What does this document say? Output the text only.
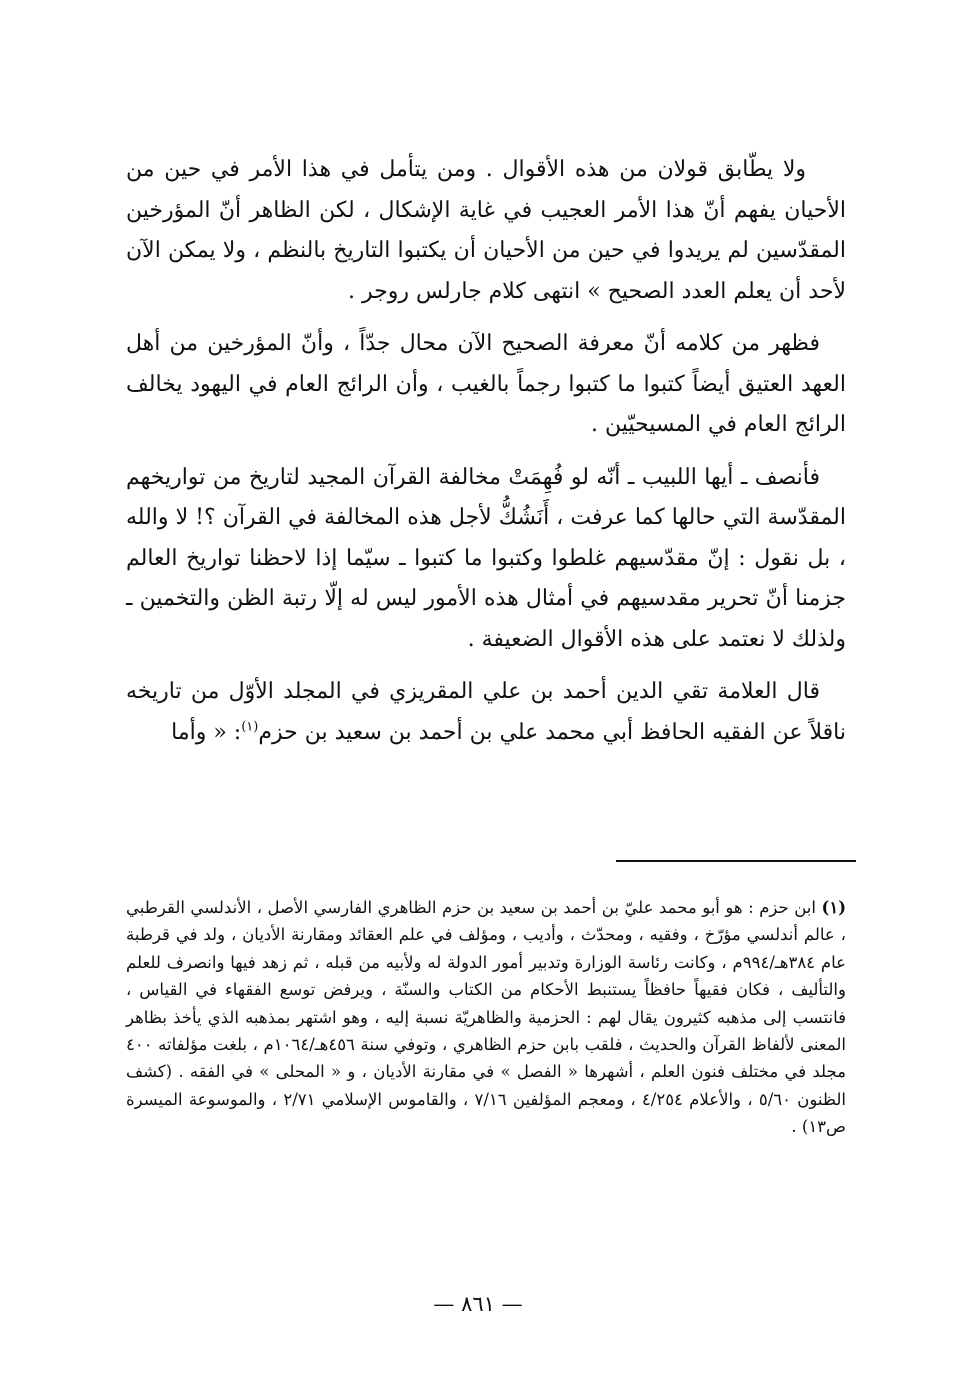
ولا يطّابق قولان من هذه الأقوال . ومن يتأمل في هذا الأمر في حين من الأحيان يفهم أنّ هذا الأمر العجيب في غاية الإشكال ، لكن الظاهر أنّ المؤرخين المقدّسين لم يريدوا في حين من الأحيان أن يكتبوا التاريخ بالنظم ، ولا يمكن الآن لأحد أن يعلم العدد الصحيح » انتهى كلام جارلس روجر .

فظهر من كلامه أنّ معرفة الصحيح الآن محال جدّاً ، وأنّ المؤرخين من أهل العهد العتيق أيضاً كتبوا ما كتبوا رجماً بالغيب ، وأن الرائج العام في اليهود يخالف الرائج العام في المسيحيّين .

فأنصف ـ أيها اللبيب ـ أنّه لو فُهِمَتْ مخالفة القرآن المجيد لتاريخ من تواريخهم المقدّسة التي حالها كما عرفت ، أَنَشُكُّ لأجل هذه المخالفة في القرآن ؟! لا والله ، بل نقول : إنّ مقدّسيهم غلطوا وكتبوا ما كتبوا ـ سيّما إذا لاحظنا تواريخ العالم جزمنا أنّ تحرير مقدسيهم في أمثال هذه الأمور ليس له إلّا رتبة الظن والتخمين ـ ولذلك لا نعتمد على هذه الأقوال الضعيفة .

قال العلامة تقي الدين أحمد بن علي المقريزي في المجلد الأوّل من تاريخه ناقلاً عن الفقيه الحافظ أبي محمد علي بن أحمد بن سعيد بن حزم$^{(١)}$: « وأما

(١) ابن حزم : هو أبو محمد عليّ بن أحمد بن سعيد بن حزم الظاهري الفارسي الأصل ، الأندلسي القرطبي ، عالم أندلسي مؤرّخ ، وفقيه ، ومحدّث ، وأديب ، ومؤلف في علم العقائد ومقارنة الأديان ، ولد في قرطبة عام ٣٨٤هـ/٩٩٤م ، وكانت رئاسة الوزارة وتدبير أمور الدولة له ولأبيه من قبله ، ثم زهد فيها وانصرف للعلم والتأليف ، فكان فقيهاً حافظاً يستنبط الأحكام من الكتاب والسنّة ، ويرفض توسع الفقهاء في القياس ، فانتسب إلى مذهبه كثيرون يقال لهم : الحزمية والظاهريّة نسبة إليه ، وهو اشتهر بمذهبه الذي يأخذ بظاهر المعنى لألفاظ القرآن والحديث ، فلقب بابن حزم الظاهري ، وتوفي سنة ٤٥٦هـ/١٠٦٤م ، بلغت مؤلفاته ٤٠٠ مجلد في مختلف فنون العلم ، أشهرها « الفصل » في مقارنة الأديان ، و « المحلى » في الفقه . (كشف الظنون ٥/٦٠ ، والأعلام ٤/٢٥٤ ، ومعجم المؤلفين ٧/١٦ ، والقاموس الإسلامي ٢/٧١ ، والموسوعة الميسرة ص١٣) .
— ٨٦١ —
